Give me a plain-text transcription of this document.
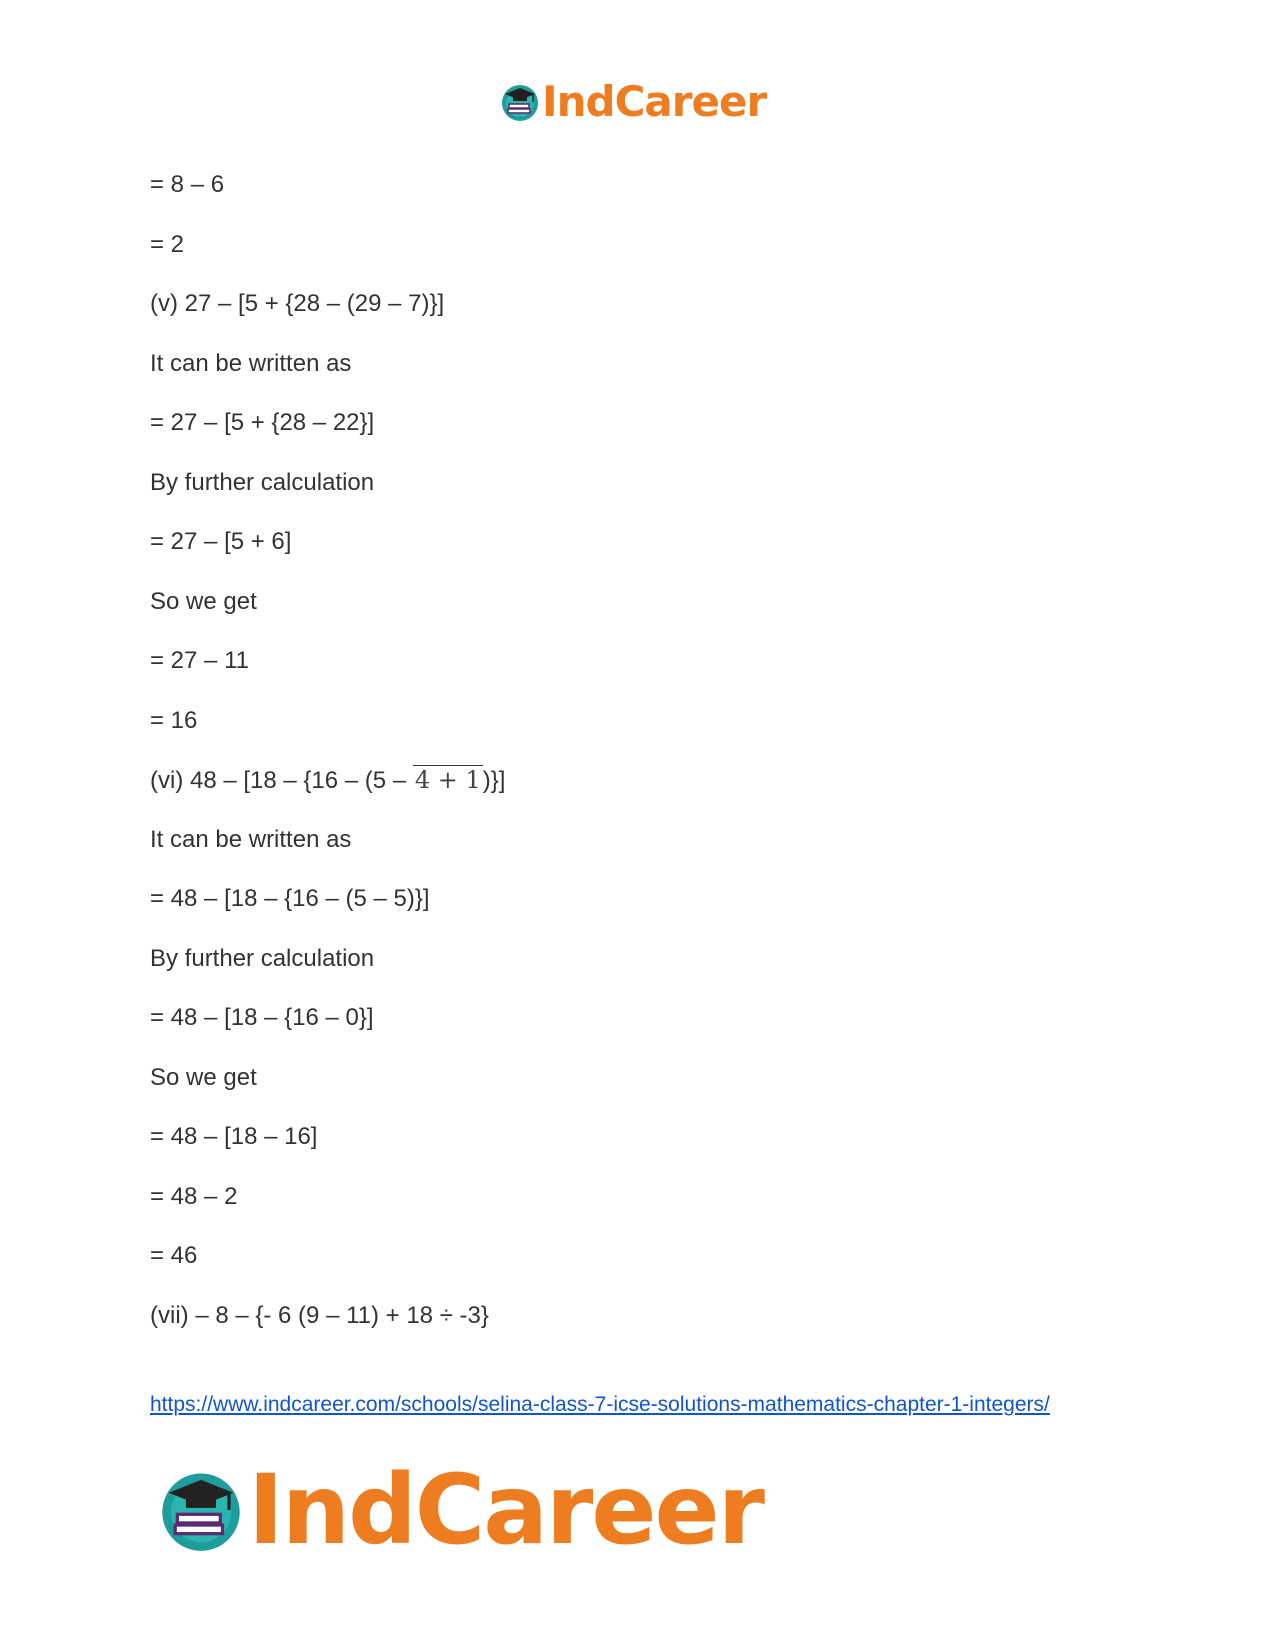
IndCareer
= 8 – 6
= 2
(v) 27 – [5 + {28 – (29 – 7)}]
It can be written as
= 27 – [5 + {28 – 22}]
By further calculation
= 27 – [5 + 6]
So we get
= 27 – 11
= 16
(vi) 48 – [18 – {16 – (5 – 4 + 1)}]
It can be written as
= 48 – [18 – {16 – (5 – 5)}]
By further calculation
= 48 – [18 – {16 – 0}]
So we get
= 48 – [18 – 16]
= 48 – 2
= 46
(vii) – 8 – {- 6 (9 – 11) + 18 ÷ -3}
https://www.indcareer.com/schools/selina-class-7-icse-solutions-mathematics-chapter-1-integers/
IndCareer
